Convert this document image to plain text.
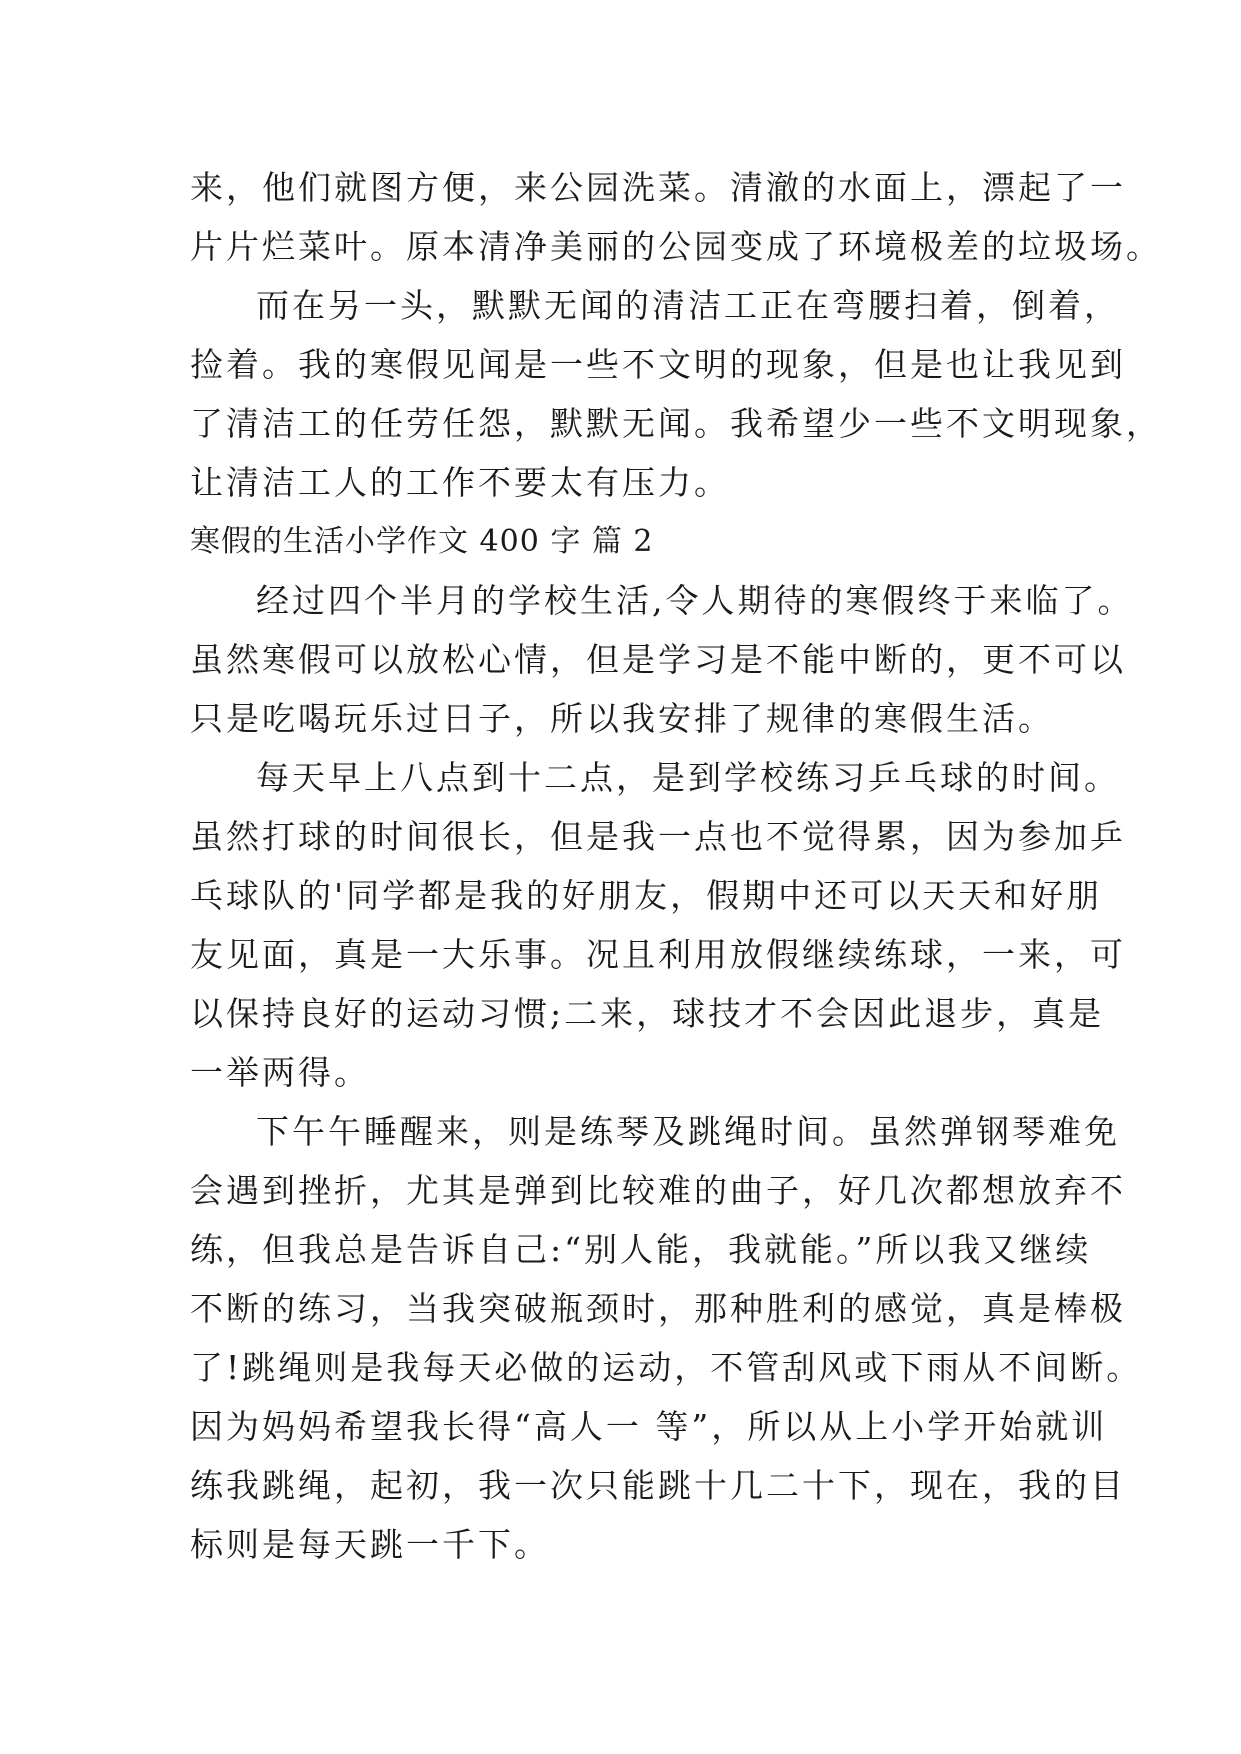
来，他们就图方便，来公园洗菜。清澈的水面上，漂起了一
片片烂菜叶。原本清净美丽的公园变成了环境极差的垃圾场。
而在另一头，默默无闻的清洁工正在弯腰扫着，倒着，
捡着。我的寒假见闻是一些不文明的现象，但是也让我见到
了清洁工的任劳任怨，默默无闻。我希望少一些不文明现象，
让清洁工人的工作不要太有压力。
寒假的生活小学作文 400 字 篇 2
经过四个半月的学校生活,令人期待的寒假终于来临了。
虽然寒假可以放松心情，但是学习是不能中断的，更不可以
只是吃喝玩乐过日子，所以我安排了规律的寒假生活。
每天早上八点到十二点，是到学校练习乒乓球的时间。
虽然打球的时间很长，但是我一点也不觉得累，因为参加乒
乓球队的'同学都是我的好朋友，假期中还可以天天和好朋
友见面，真是一大乐事。况且利用放假继续练球，一来，可
以保持良好的运动习惯;二来，球技才不会因此退步，真是
一举两得。
下午午睡醒来，则是练琴及跳绳时间。虽然弹钢琴难免
会遇到挫折，尤其是弹到比较难的曲子，好几次都想放弃不
练，但我总是告诉自己:“别人能，我就能。”所以我又继续
不断的练习，当我突破瓶颈时，那种胜利的感觉，真是棒极
了!跳绳则是我每天必做的运动，不管刮风或下雨从不间断。
因为妈妈希望我长得“高人一 等”，所以从上小学开始就训
练我跳绳，起初，我一次只能跳十几二十下，现在，我的目
标则是每天跳一千下。
